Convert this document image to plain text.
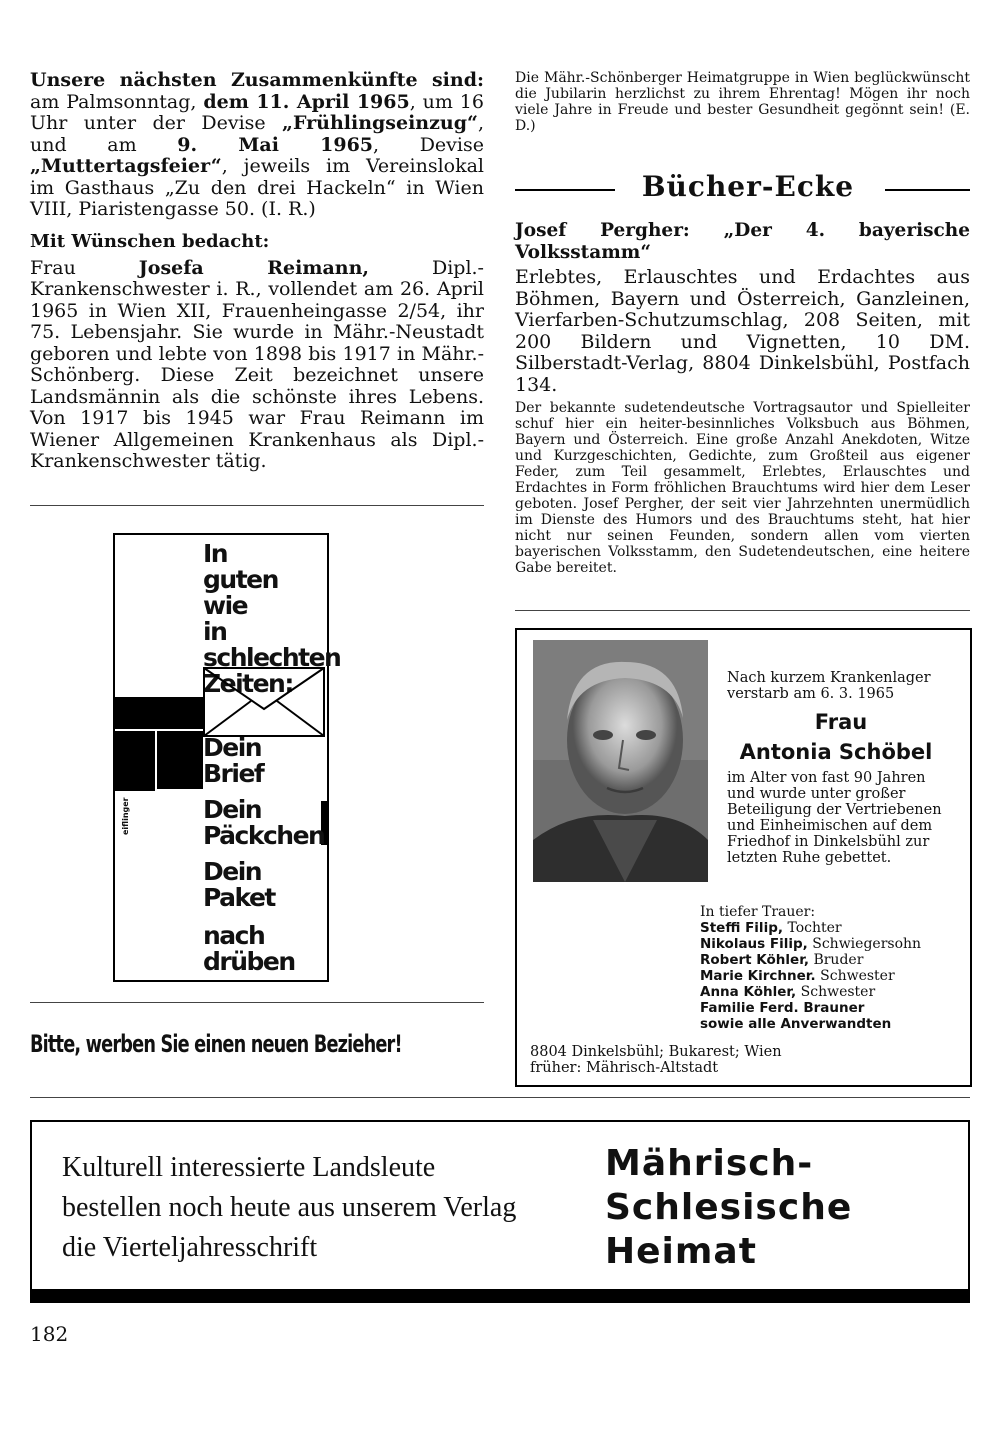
Unsere nächsten Zusammenkünfte sind: am Palmsonntag, dem 11. April 1965, um 16 Uhr unter der Devise „Frühlingseinzug“, und am 9. Mai 1965, Devise „Muttertagsfeier“, jeweils im Vereinslokal im Gasthaus „Zu den drei Hackeln“ in Wien VIII, Piaristengasse 50. (I. R.)

Mit Wünschen bedacht:

Frau	Josefa Reimann,	Dipl.-Krankenschwester i. R., vollendet am 26. April 1965 in Wien XII, Frauenheingasse 2/54, ihr 75. Lebensjahr. Sie wurde in Mähr.-Neustadt geboren und lebte von 1898 bis 1917 in Mähr.-Schönberg. Diese Zeit bezeichnet unsere Landsmännin als die schönste ihres Lebens. Von 1917 bis 1945 war Frau Reimann im Wiener Allgemeinen Krankenhaus als Dipl.-Krankenschwester tätig.

In
guten
wie
in schlechten
Zeiten:
Dein
Brief
Dein
Päckchen
Dein
Paket
nach
drüben
eiflinger
Bitte, werben Sie einen neuen Bezieher!

Die Mähr.-Schönberger Heimatgruppe in Wien beglückwünscht die Jubilarin herzlichst zu ihrem Ehrentag! Mögen ihr noch viele Jahre in Freude und bester Gesundheit gegönnt sein! (E. D.)

Bücher-Ecke

Josef Pergher: „Der 4. bayerische Volksstamm“

Erlebtes, Erlauschtes und Erdachtes aus Böhmen, Bayern und Österreich, Ganzleinen, Vierfarben-Schutzumschlag, 208 Seiten, mit 200 Bildern und Vignetten, 10 DM. Silberstadt-Verlag, 8804 Dinkelsbühl, Postfach 134.

Der bekannte sudetendeutsche Vortragsautor und Spielleiter schuf hier ein heiter-besinnliches Volksbuch aus Böhmen, Bayern und Österreich. Eine große Anzahl Anekdoten, Witze und Kurzgeschichten, Gedichte, zum Großteil aus eigener Feder, zum Teil gesammelt, Erlebtes, Erlauschtes und Erdachtes in Form fröhlichen Brauchtums wird hier dem Leser geboten. Josef Pergher, der seit vier Jahrzehnten unermüdlich im Dienste des Humors und des Brauchtums steht, hat hier nicht nur seinen Feunden, sondern allen vom vierten bayerischen Volksstamm, den Sudetendeutschen, eine heitere Gabe bereitet.

Nach kurzem Krankenlager verstarb am 6. 3. 1965

Frau
Antonia Schöbel

im Alter von fast 90 Jahren und wurde unter großer Beteiligung der Vertriebenen und Einheimischen auf dem Friedhof in Dinkelsbühl zur letzten Ruhe gebettet.

In tiefer Trauer:
Steffi Filip, Tochter
Nikolaus Filip, Schwiegersohn
Robert Köhler, Bruder
Marie Kirchner. Schwester
Anna Köhler, Schwester
Familie Ferd. Brauner
sowie alle Anverwandten
8804 Dinkelsbühl; Bukarest; Wien
früher: Mährisch-Altstadt
Kulturell interessierte Landsleute
bestellen noch heute aus unserem Verlag
die Vierteljahresschrift
Mährisch-
Schlesische
Heimat
182
